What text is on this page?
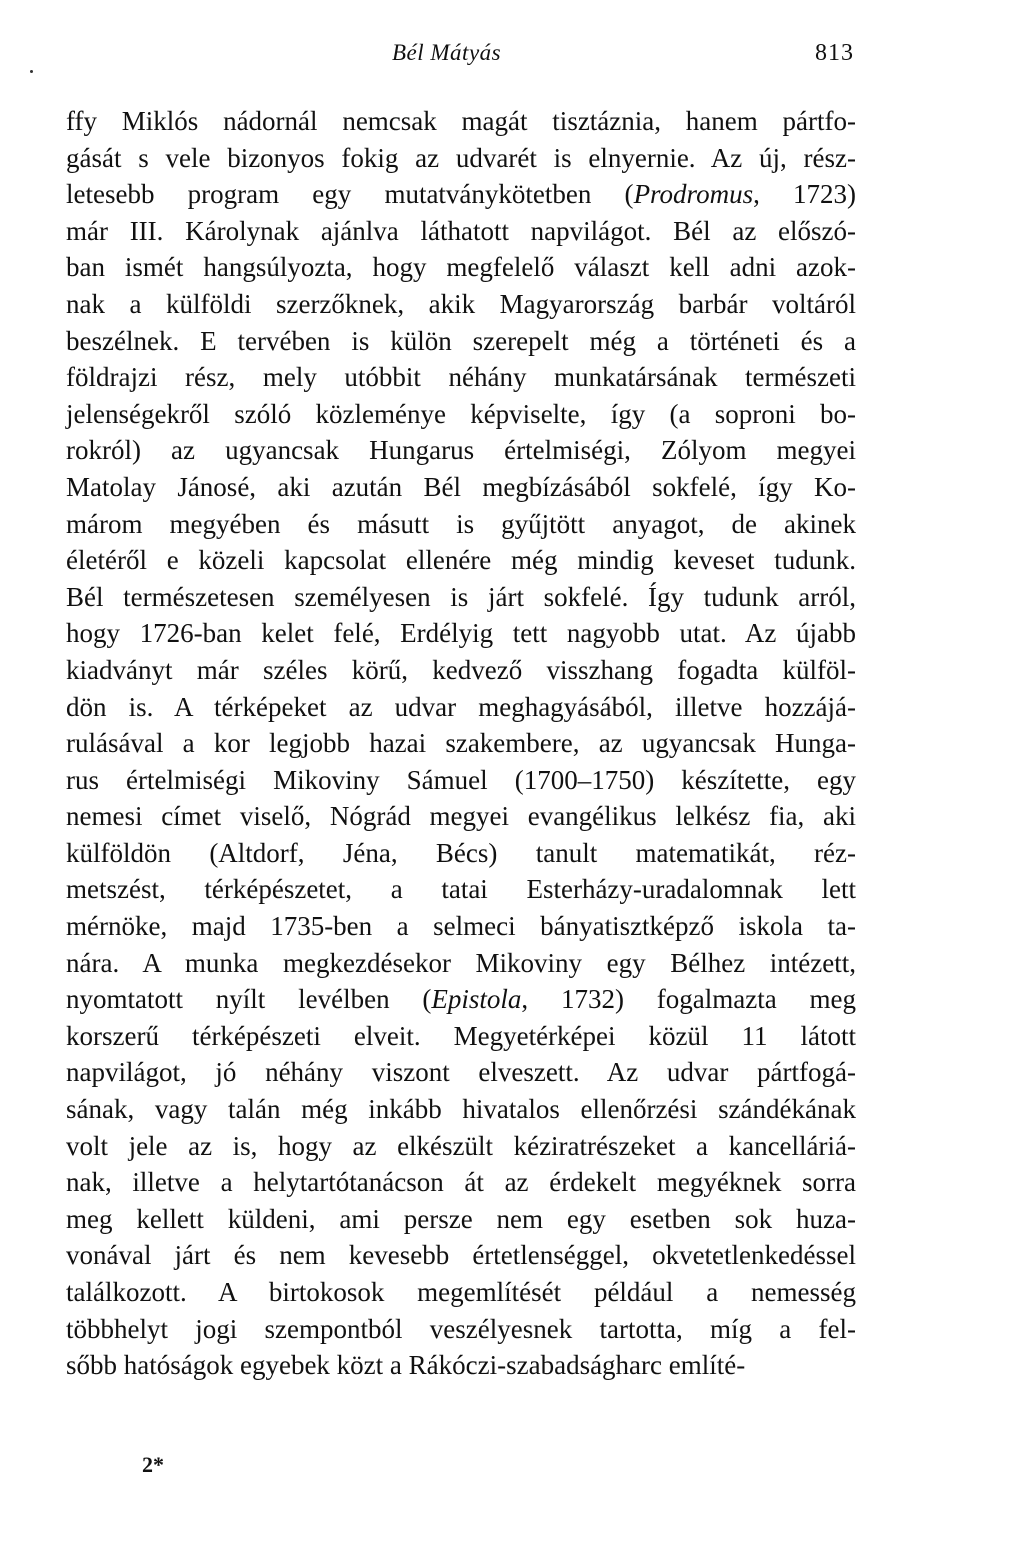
Bél Mátyás	813
ffy Miklós nádornál nemcsak magát tisztáznia, hanem pártfo-
gását s vele bizonyos fokig az udvarét is elnyernie. Az új, rész-
letesebb program egy mutatványkötetben (Prodromus, 1723)
már III. Károlynak ajánlva láthatott napvilágot. Bél az előszó-
ban ismét hangsúlyozta, hogy megfelelő választ kell adni azok-
nak a külföldi szerzőknek, akik Magyarország barbár voltáról
beszélnek. E tervében is külön szerepelt még a történeti és a
földrajzi rész, mely utóbbit néhány munkatársának természeti
jelenségekről szóló közleménye képviselte, így (a soproni bo-
rokról) az ugyancsak Hungarus értelmiségi, Zólyom megyei
Matolay Jánosé, aki azután Bél megbízásából sokfelé, így Ko-
márom megyében és másutt is gyűjtött anyagot, de akinek
életéről e közeli kapcsolat ellenére még mindig keveset tudunk.
Bél természetesen személyesen is járt sokfelé. Így tudunk arról,
hogy 1726-ban kelet felé, Erdélyig tett nagyobb utat. Az újabb
kiadványt már széles körű, kedvező visszhang fogadta külföl-
dön is. A térképeket az udvar meghagyásából, illetve hozzájá-
rulásával a kor legjobb hazai szakembere, az ugyancsak Hunga-
rus értelmiségi Mikoviny Sámuel (1700–1750) készítette, egy
nemesi címet viselő, Nógrád megyei evangélikus lelkész fia, aki
külföldön (Altdorf, Jéna, Bécs) tanult matematikát, réz-
metszést, térképészetet, a tatai Esterházy-uradalomnak lett
mérnöke, majd 1735-ben a selmeci bányatisztképző iskola ta-
nára. A munka megkezdésekor Mikoviny egy Bélhez intézett,
nyomtatott nyílt levélben (Epistola, 1732) fogalmazta meg
korszerű térképészeti elveit. Megyetérképei közül 11 látott
napvilágot, jó néhány viszont elveszett. Az udvar pártfogá-
sának, vagy talán még inkább hivatalos ellenőrzési szándékának
volt jele az is, hogy az elkészült kéziratrészeket a kancelláriá-
nak, illetve a helytartótanácson át az érdekelt megyéknek sorra
meg kellett küldeni, ami persze nem egy esetben sok huza-
vonával járt és nem kevesebb értetlenséggel, okvetetlenkedéssel
találkozott. A birtokosok megemlítését például a nemesség
többhelyt jogi szempontból veszélyesnek tartotta, míg a fel-
sőbb hatóságok egyebek közt a Rákóczi-szabadságharc említé-
2*
